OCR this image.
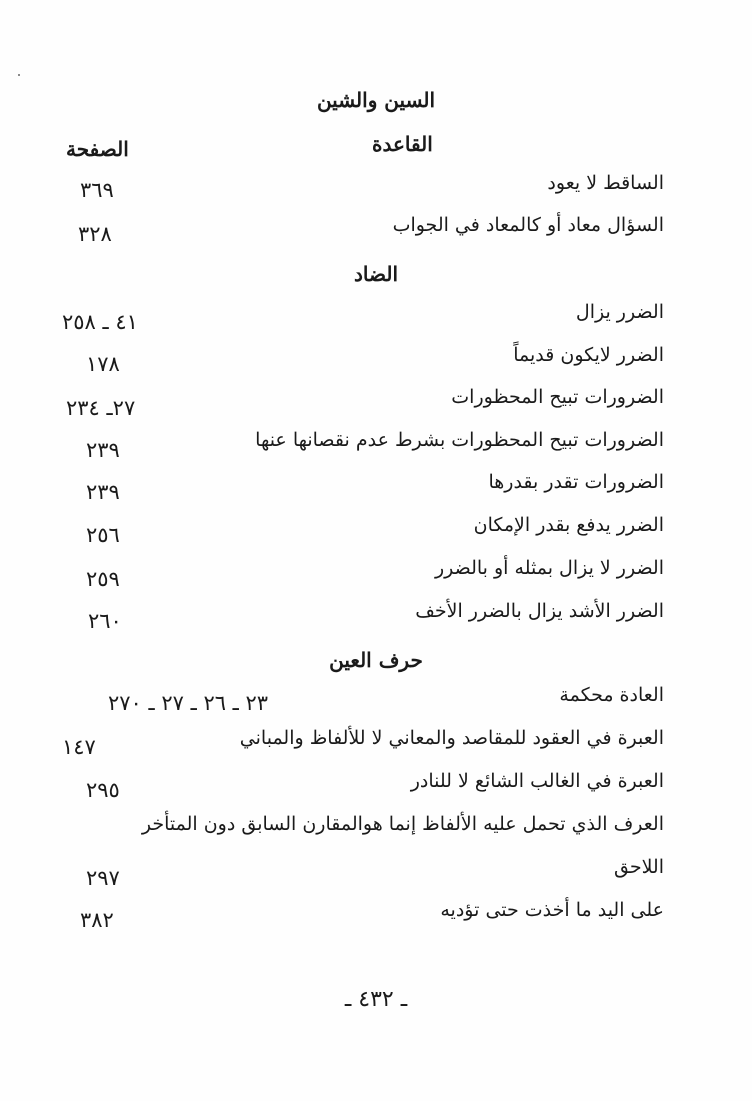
السين والشين
القاعدة
الصفحة
الساقط لا يعود
٣٦٩
السؤال معاد أو كالمعاد في الجواب
٣٢٨
الضاد
الضرر يزال
٤١ ـ ٢٥٨
الضرر لايكون قديماً
١٧٨
الضرورات تبيح المحظورات
٢٧ـ ٢٣٤
الضرورات تبيح المحظورات بشرط عدم نقصانها عنها
٢٣٩
الضرورات تقدر بقدرها
٢٣٩
الضرر يدفع بقدر الإمكان
٢٥٦
الضرر لا يزال بمثله أو بالضرر
٢٥٩
الضرر الأشد يزال بالضرر الأخف
٢٦٠
حرف العين
العادة محكمة
٢٣ ـ ٢٦ ـ ٢٧ ـ ٢٧٠
العبرة في العقود للمقاصد والمعاني لا للألفاظ والمباني
١٤٧
العبرة في الغالب الشائع لا للنادر
٢٩٥
العرف الذي تحمل عليه الألفاظ إنما هوالمقارن السابق دون المتأخر
اللاحق
٢٩٧
على اليد ما أخذت حتى تؤديه
٣٨٢
ـ ٤٣٢ ـ
